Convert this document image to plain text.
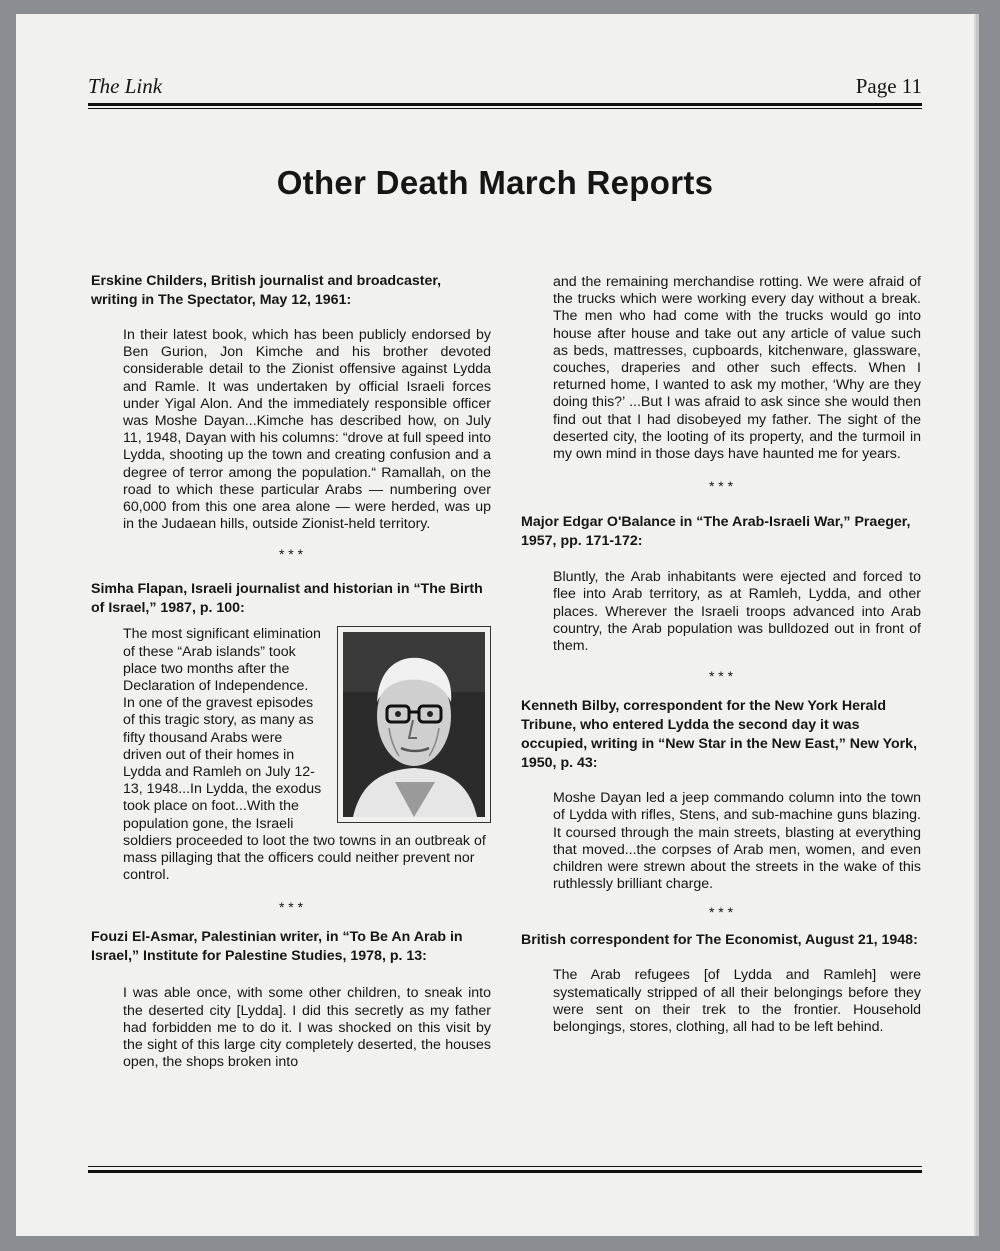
The Link	Page 11
Other Death March Reports

Erskine Childers, British journalist and broadcaster, writing in The Spectator, May 12, 1961:

In their latest book, which has been publicly endorsed by Ben Gurion, Jon Kimche and his brother devoted considerable detail to the Zionist offensive against Lydda and Ramle. It was undertaken by official Israeli forces under Yigal Alon. And the immediately responsible officer was Moshe Dayan...Kimche has described how, on July 11, 1948, Dayan with his columns: “drove at full speed into Lydda, shooting up the town and creating confusion and a degree of terror among the population.“ Ramallah, on the road to which these particular Arabs — numbering over 60,000 from this one area alone — were herded, was up in the Judaean hills, outside Zionist-held territory.

* * *

Simha Flapan, Israeli journalist and historian in “The Birth of Israel,” 1987, p. 100:

The most significant elimination of these “Arab islands” took place two months after the Declaration of Independence. In one of the gravest episodes of this tragic story, as many as fifty thousand Arabs were driven out of their homes in Lydda and Ramleh on July 12-13, 1948...In Lydda, the exodus took place on foot...With the population gone, the Israeli soldiers proceeded to loot the two towns in an outbreak of mass pillaging that the officers could neither prevent nor control.

* * *

Fouzi El-Asmar, Palestinian writer, in “To Be An Arab in Israel,” Institute for Palestine Studies, 1978, p. 13:

I was able once, with some other children, to sneak into the deserted city [Lydda]. I did this secretly as my father had forbidden me to do it. I was shocked on this visit by the sight of this large city completely deserted, the houses open, the shops broken into

and the remaining merchandise rotting. We were afraid of the trucks which were working every day without a break. The men who had come with the trucks would go into house after house and take out any article of value such as beds, mattresses, cupboards, kitchenware, glassware, couches, draperies and other such effects. When I returned home, I wanted to ask my mother, ‘Why are they doing this?’ ...But I was afraid to ask since she would then find out that I had disobeyed my father. The sight of the deserted city, the looting of its property, and the turmoil in my own mind in those days have haunted me for years.

* * *

Major Edgar O'Balance in “The Arab-Israeli War,” Praeger, 1957, pp. 171-172:

Bluntly, the Arab inhabitants were ejected and forced to flee into Arab territory, as at Ramleh, Lydda, and other places. Wherever the Israeli troops advanced into Arab country, the Arab population was bulldozed out in front of them.

* * *

Kenneth Bilby, correspondent for the New York Herald Tribune, who entered Lydda the second day it was occupied, writing in “New Star in the New East,” New York, 1950, p. 43:

Moshe Dayan led a jeep commando column into the town of Lydda with rifles, Stens, and sub-machine guns blazing. It coursed through the main streets, blasting at everything that moved...the corpses of Arab men, women, and even children were strewn about the streets in the wake of this ruthlessly brilliant charge.

* * *

British correspondent for The Economist, August 21, 1948:

The Arab refugees [of Lydda and Ramleh] were systematically stripped of all their belongings before they were sent on their trek to the frontier. Household belongings, stores, clothing, all had to be left behind.
